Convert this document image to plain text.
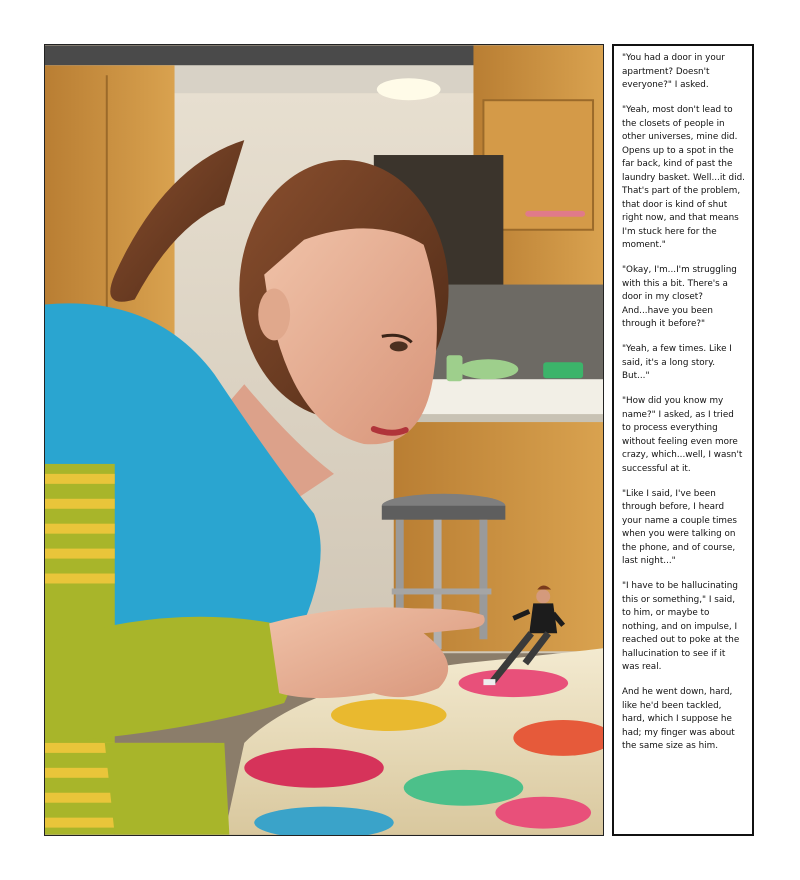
"You had a door in your apartment? Doesn't everyone?" I asked.

"Yeah, most don't lead to the closets of people in other universes, mine did. Opens up to a spot in the far back, kind of past the laundry basket. Well...it did. That's part of the problem, that door is kind of shut right now, and that means I'm stuck here for the moment."

"Okay, I'm...I'm struggling with this a bit. There's a door in my closet? And...have you been through it before?"

"Yeah, a few times. Like I said, it's a long story. But..."

"How did you know my name?" I asked, as I tried to process everything without feeling even more crazy, which...well, I wasn't successful at it.

"Like I said, I've been through before, I heard your name a couple times when you were talking on the phone, and of course, last night..."

"I have to be hallucinating this or something," I said, to him, or maybe to nothing, and on impulse, I reached out to poke at the hallucination to see if it was real.

And he went down, hard, like he'd been tackled, hard, which I suppose he had; my finger was about the same size as him.
